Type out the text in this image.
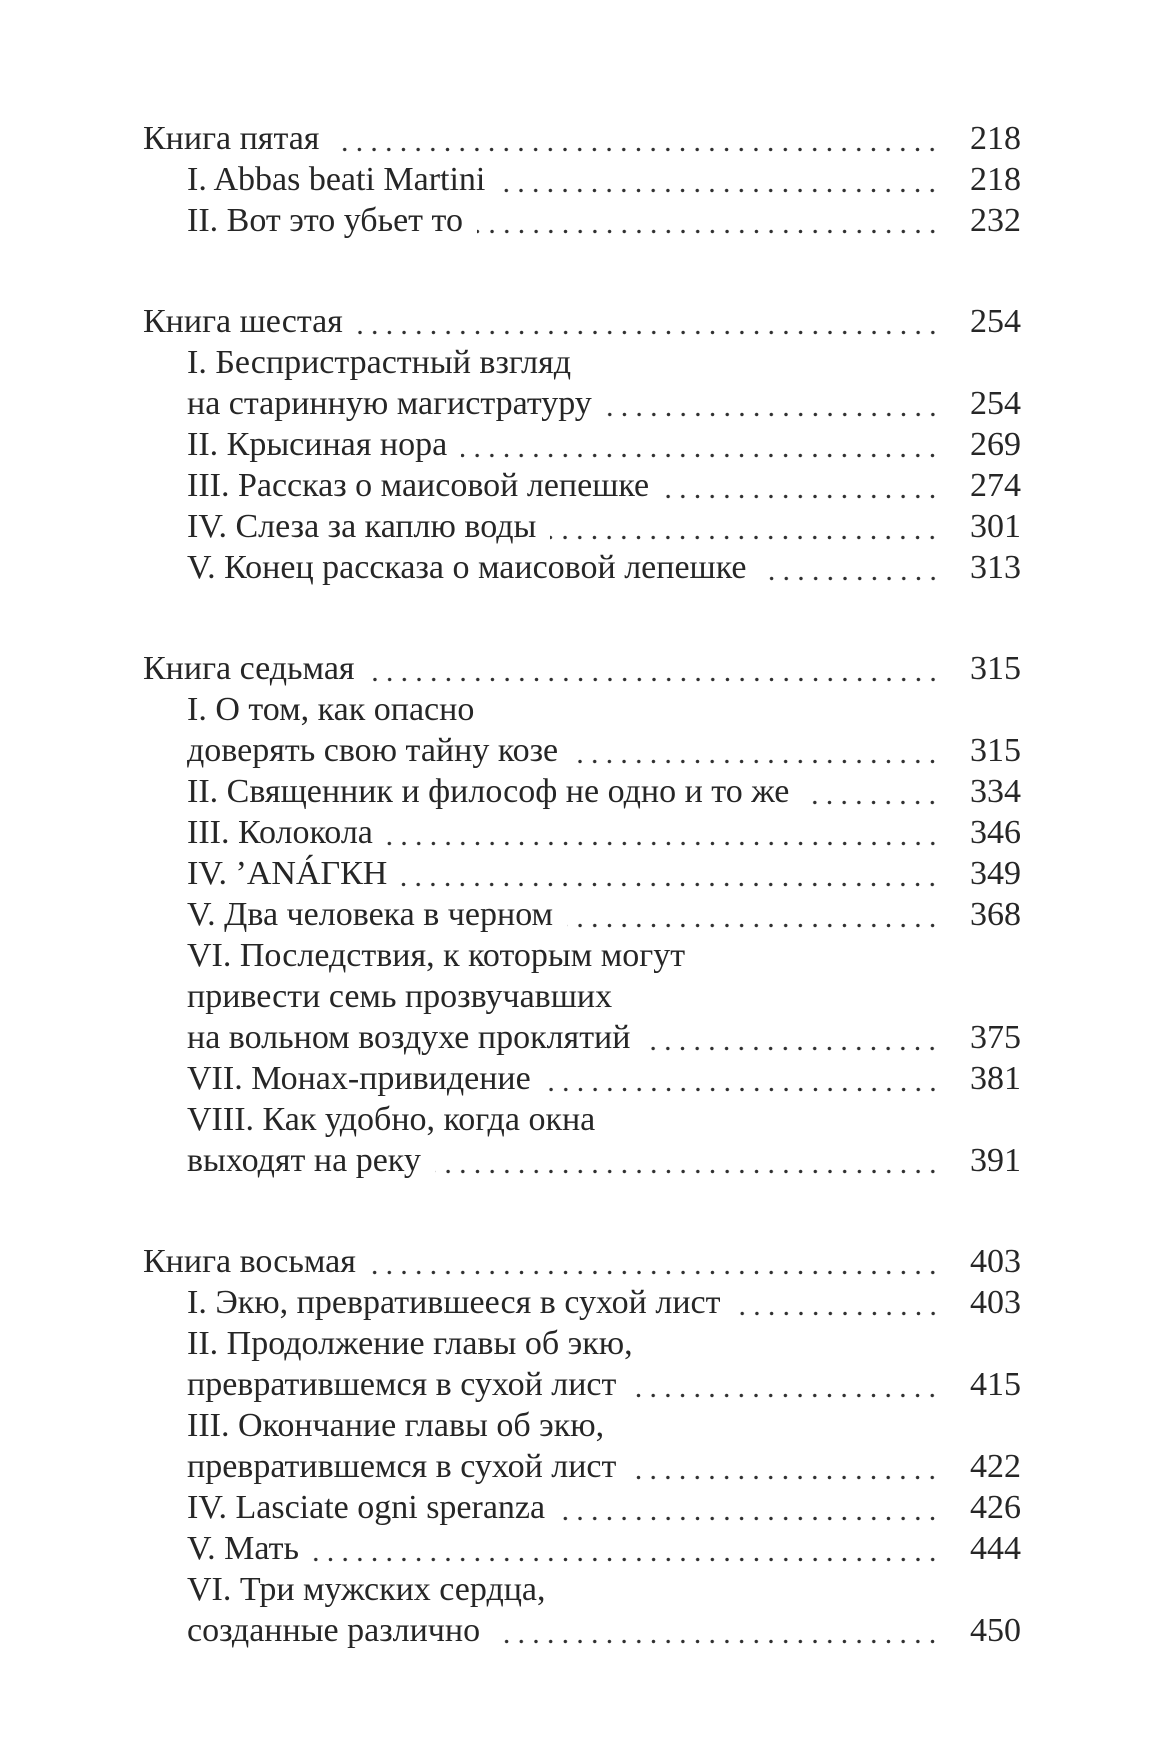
Книга пятая	218
I. Abbas beati Martini	218
II. Вот это убьет то	232
Книга шестая	254
I. Беспристрастный взгляд
на старинную магистратуру	254
II. Крысиная нора	269
III. Рассказ о маисовой лепешке	274
IV. Слеза за каплю воды	301
V. Конец рассказа о маисовой лепешке	313
Книга седьмая	315
I. О том, как опасно
доверять свою тайну козе	315
II. Священник и философ не одно и то же	334
III. Колокола	346
IV. ’ANÁГКН	349
V. Два человека в черном	368
VI. Последствия, к которым могут
привести семь прозвучавших
на вольном воздухе проклятий	375
VII. Монах-привидение	381
VIII. Как удобно, когда окна
выходят на реку	391
Книга восьмая	403
I. Экю, превратившееся в сухой лист	403
II. Продолжение главы об экю,
превратившемся в сухой лист	415
III. Окончание главы об экю,
превратившемся в сухой лист	422
IV. Lasciate ogni speranza	426
V. Мать	444
VI. Три мужских сердца,
созданные различно	450
